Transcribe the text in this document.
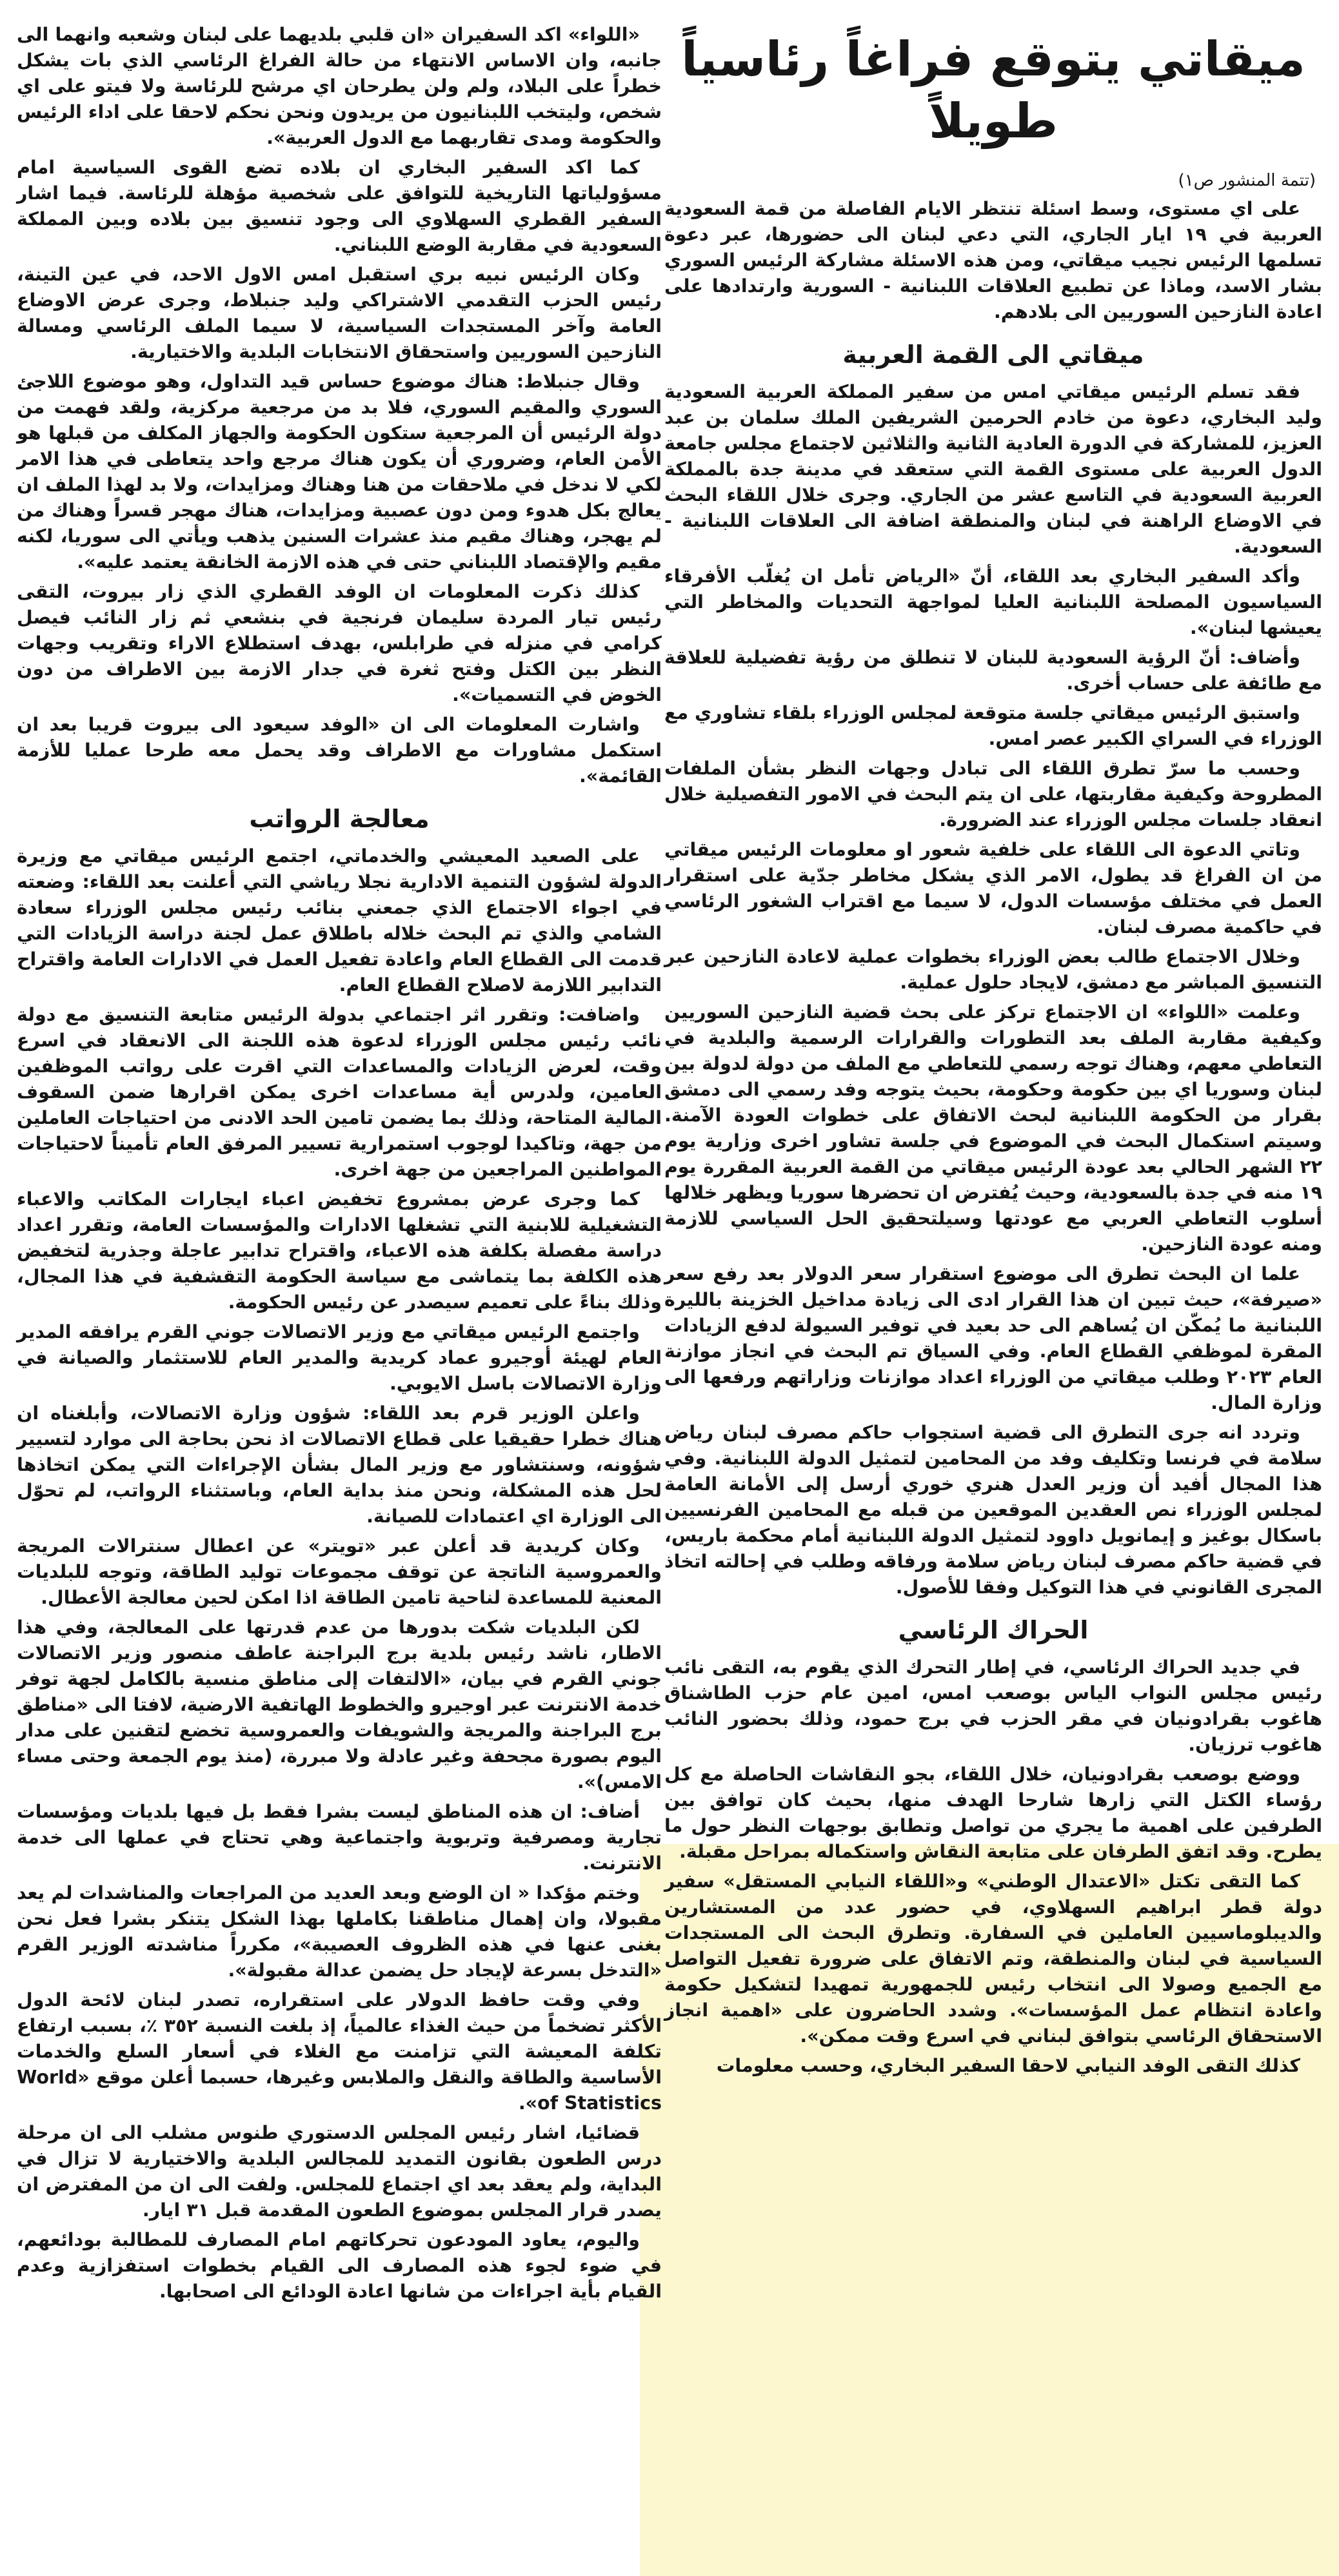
ميقاتي يتوقع فراغاً رئاسياً طويلاً
(تتمة المنشور ص١)

على اي مستوى، وسط اسئلة تنتظر الايام الفاصلة من قمة السعودية العربية في ١٩ ايار الجاري، التي دعي لبنان الى حضورها، عبر دعوة تسلمها الرئيس نجيب ميقاتي، ومن هذه الاسئلة مشاركة الرئيس السوري بشار الاسد، وماذا عن تطبيع العلاقات اللبنانية - السورية وارتدادها على اعادة النازحين السوريين الى بلادهم.

ميقاتي الى القمة العربية

فقد تسلم الرئيس ميقاتي امس من سفير المملكة العربية السعودية وليد البخاري، دعوة من خادم الحرمين الشريفين الملك سلمان بن عبد العزيز، للمشاركة في الدورة العادية الثانية والثلاثين لاجتماع مجلس جامعة الدول العربية على مستوى القمة التي ستعقد في مدينة جدة بالمملكة العربية السعودية في التاسع عشر من الجاري. وجرى خلال اللقاء البحث في الاوضاع الراهنة في لبنان والمنطقة اضافة الى العلاقات اللبنانية - السعودية.

وأكد السفير البخاري بعد اللقاء، أنّ «الرياض تأمل ان يُغلّب الأفرقاء السياسيون المصلحة اللبنانية العليا لمواجهة التحديات والمخاطر التي يعيشها لبنان».

وأضاف: أنّ الرؤية السعودية للبنان لا تنطلق من رؤية تفضيلية للعلاقة مع طائفة على حساب أخرى.

واستبق الرئيس ميقاتي جلسة متوقعة لمجلس الوزراء بلقاء تشاوري مع الوزراء في السراي الكبير عصر امس.

وحسب ما سرّ تطرق اللقاء الى تبادل وجهات النظر بشأن الملفات المطروحة وكيفية مقاربتها، على ان يتم البحث في الامور التفصيلية خلال انعقاد جلسات مجلس الوزراء عند الضرورة.

وتاتي الدعوة الى اللقاء على خلفية شعور او معلومات الرئيس ميقاتي من ان الفراغ قد يطول، الامر الذي يشكل مخاطر جدّية على استقرار العمل في مختلف مؤسسات الدول، لا سيما مع اقتراب الشغور الرئاسي في حاكمية مصرف لبنان.

وخلال الاجتماع طالب بعض الوزراء بخطوات عملية لاعادة النازحين عبر التنسيق المباشر مع دمشق، لايجاد حلول عملية.

وعلمت «اللواء» ان الاجتماع تركز على بحث قضية النازحين السوريين وكيفية مقاربة الملف بعد التطورات والقرارات الرسمية والبلدية في التعاطي معهم، وهناك توجه رسمي للتعاطي مع الملف من دولة لدولة بين لبنان وسوريا اي بين حكومة وحكومة، بحيث يتوجه وفد رسمي الى دمشق بقرار من الحكومة اللبنانية لبحث الاتفاق على خطوات العودة الآمنة. وسيتم استكمال البحث في الموضوع في جلسة تشاور اخرى وزارية يوم ٢٢ الشهر الحالي بعد عودة الرئيس ميقاتي من القمة العربية المقررة يوم ١٩ منه في جدة بالسعودية، وحيث يُفترض ان تحضرها سوريا ويظهر خلالها أسلوب التعاطي العربي مع عودتها وسيلتحقيق الحل السياسي للازمة ومنه عودة النازحين.

علما ان البحث تطرق الى موضوع استقرار سعر الدولار بعد رفع سعر «صيرفة»، حيث تبين ان هذا القرار ادى الى زيادة مداخيل الخزينة بالليرة اللبنانية ما يُمكّن ان يُساهم الى حد بعيد في توفير السيولة لدفع الزيادات المقرة لموظفي القطاع العام. وفي السياق تم البحث في انجاز موازنة العام ٢٠٢٣ وطلب ميقاتي من الوزراء اعداد موازنات وزاراتهم ورفعها الى وزارة المال.

وتردد انه جرى التطرق الى قضية استجواب حاكم مصرف لبنان رياض سلامة في فرنسا وتكليف وفد من المحامين لتمثيل الدولة اللبنانية. وفي هذا المجال أفيد أن وزير العدل هنري خوري أرسل إلى الأمانة العامة لمجلس الوزراء نص العقدين الموقعين من قبله مع المحامين الفرنسيين باسكال بوغيز و إيمانويل داوود لتمثيل الدولة اللبنانية أمام محكمة باريس، في قضية حاكم مصرف لبنان رياض سلامة ورفاقه وطلب في إحالته اتخاذ المجرى القانوني في هذا التوكيل وفقا للأصول.

الحراك الرئاسي

في جديد الحراك الرئاسي، في إطار التحرك الذي يقوم به، التقى نائب رئيس مجلس النواب الياس بوصعب امس، امين عام حزب الطاشناق هاغوب بقرادونيان في مقر الحزب في برج حمود، وذلك بحضور النائب هاغوب ترزيان.

ووضع بوصعب بقرادونيان، خلال اللقاء، بجو النقاشات الحاصلة مع كل رؤساء الكتل التي زارها شارحا الهدف منها، بحيث كان توافق بين الطرفين على اهمية ما يجري من تواصل وتطابق بوجهات النظر حول ما يطرح. وقد اتفق الطرفان على متابعة النقاش واستكماله بمراحل مقبلة.

كما التقى تكتل «الاعتدال الوطني» و«اللقاء النيابي المستقل» سفير دولة قطر ابراهيم السهلاوي، في حضور عدد من المستشارين والديبلوماسيين العاملين في السفارة. وتطرق البحث الى المستجدات السياسية في لبنان والمنطقة، وتم الاتفاق على ضرورة تفعيل التواصل مع الجميع وصولا الى انتخاب رئيس للجمهورية تمهيدا لتشكيل حكومة واعادة انتظام عمل المؤسسات». وشدد الحاضرون على «اهمية انجاز الاستحقاق الرئاسي بتوافق لبناني في اسرع وقت ممكن».

كذلك التقى الوفد النيابي لاحقا السفير البخاري، وحسب معلومات

«اللواء» اكد السفيران «ان قلبي بلديهما على لبنان وشعبه وانهما الى جانبه، وان الاساس الانتهاء من حالة الفراغ الرئاسي الذي بات يشكل خطراً على البلاد، ولم ولن يطرحان اي مرشح للرئاسة ولا فيتو على اي شخص، وليتخب اللبنانيون من يريدون ونحن نحكم لاحقا على اداء الرئيس والحكومة ومدى تقاربهما مع الدول العربية».

كما اكد السفير البخاري ان بلاده تضع القوى السياسية امام مسؤولياتها التاريخية للتوافق على شخصية مؤهلة للرئاسة. فيما اشار السفير القطري السهلاوي الى وجود تنسيق بين بلاده وبين المملكة السعودية في مقاربة الوضع اللبناني.

وكان الرئيس نبيه بري استقبل امس الاول الاحد، في عين التينة، رئيس الحزب التقدمي الاشتراكي وليد جنبلاط، وجرى عرض الاوضاع العامة وآخر المستجدات السياسية، لا سيما الملف الرئاسي ومسالة النازحين السوريين واستحقاق الانتخابات البلدية والاختيارية.

وقال جنبلاط: هناك موضوع حساس قيد التداول، وهو موضوع اللاجئ السوري والمقيم السوري، فلا بد من مرجعية مركزية، ولقد فهمت من دولة الرئيس أن المرجعية ستكون الحكومة والجهاز المكلف من قبلها هو الأمن العام، وضروري أن يكون هناك مرجع واحد يتعاطى في هذا الامر لكي لا ندخل في ملاحقات من هنا وهناك ومزايدات، ولا بد لهذا الملف ان يعالج بكل هدوء ومن دون عصبية ومزايدات، هناك مهجر قسراً وهناك من لم يهجر، وهناك مقيم منذ عشرات السنين يذهب ويأتي الى سوريا، لكنه مقيم والإقتصاد اللبناني حتى في هذه الازمة الخانقة يعتمد عليه».

كذلك ذكرت المعلومات ان الوفد القطري الذي زار بيروت، التقى رئيس تيار المردة سليمان فرنجية في بنشعي ثم زار النائب فيصل كرامي في منزله في طرابلس، بهدف استطلاع الاراء وتقريب وجهات النظر بين الكتل وفتح ثغرة في جدار الازمة بين الاطراف من دون الخوض في التسميات».

واشارت المعلومات الى ان «الوفد سيعود الى بيروت قريبا بعد ان استكمل مشاورات مع الاطراف وقد يحمل معه طرحا عمليا للأزمة القائمة».

معالجة الرواتب

على الصعيد المعيشي والخدماتي، اجتمع الرئيس ميقاتي مع وزيرة الدولة لشؤون التنمية الادارية نجلا رياشي التي أعلنت بعد اللقاء: وضعته في اجواء الاجتماع الذي جمعني بنائب رئيس مجلس الوزراء سعادة الشامي والذي تم البحث خلاله باطلاق عمل لجنة دراسة الزيادات التي قدمت الى القطاع العام واعادة تفعيل العمل في الادارات العامة واقتراح التدابير اللازمة لاصلاح القطاع العام.

واضافت: وتقرر اثر اجتماعي بدولة الرئيس متابعة التنسيق مع دولة نائب رئيس مجلس الوزراء لدعوة هذه اللجنة الى الانعقاد في اسرع وقت، لعرض الزيادات والمساعدات التي اقرت على رواتب الموظفين العامين، ولدرس أية مساعدات اخرى يمكن اقرارها ضمن السقوف المالية المتاحة، وذلك بما يضمن تامين الحد الادنى من احتياجات العاملين من جهة، وتاكيدا لوجوب استمرارية تسيير المرفق العام تأميناً لاحتياجات المواطنين المراجعين من جهة اخرى.

كما وجرى عرض بمشروع تخفيض اعباء ايجارات المكاتب والاعباء التشغيلية للابنية التي تشغلها الادارات والمؤسسات العامة، وتقرر اعداد دراسة مفصلة بكلفة هذه الاعباء، واقتراح تدابير عاجلة وجذرية لتخفيض هذه الكلفة بما يتماشى مع سياسة الحكومة التقشفية في هذا المجال، وذلك بناءً على تعميم سيصدر عن رئيس الحكومة.

واجتمع الرئيس ميقاتي مع وزير الاتصالات جوني القرم يرافقه المدير العام لهيئة أوجيرو عماد كريدية والمدير العام للاستثمار والصيانة في وزارة الاتصالات باسل الايوبي.

واعلن الوزير قرم بعد اللقاء: شؤون وزارة الاتصالات، وأبلغناه ان هناك خطرا حقيقيا على قطاع الاتصالات اذ نحن بحاجة الى موارد لتسيير شؤونه، وسنتشاور مع وزير المال بشأن الإجراءات التي يمكن اتخاذها لحل هذه المشكلة، ونحن منذ بداية العام، وباستثناء الرواتب، لم تحوّل الى الوزارة اي اعتمادات للصيانة.

وكان كريدية قد أعلن عبر «تويتر» عن اعطال سنترالات المريجة والعمروسية الناتجة عن توقف مجموعات توليد الطاقة، وتوجه للبلديات المعنية للمساعدة لناحية تامين الطاقة اذا امكن لحين معالجة الأعطال.

لكن البلديات شكت بدورها من عدم قدرتها على المعالجة، وفي هذا الاطار، ناشد رئيس بلدية برج البراجنة عاطف منصور وزير الاتصالات جوني القرم في بيان، «الالتفات إلى مناطق منسية بالكامل لجهة توفر خدمة الانترنت عبر اوجيرو والخطوط الهاتفية الارضية، لافتا الى «مناطق برج البراجنة والمريجة والشويفات والعمروسية تخضع لتقنين على مدار اليوم بصورة مجحفة وغير عادلة ولا مبررة، (منذ يوم الجمعة وحتى مساء الامس)».

أضاف: ان هذه المناطق ليست بشرا فقط بل فيها بلديات ومؤسسات تجارية ومصرفية وتربوية واجتماعية وهي تحتاج في عملها الى خدمة الانترنت.

وختم مؤكدا « ان الوضع وبعد العديد من المراجعات والمناشدات لم يعد مقبولا، وان إهمال مناطقنا بكاملها بهذا الشكل يتنكر بشرا فعل نحن بغنى عنها في هذه الظروف العصيبة»، مكرراً مناشدته الوزير القرم «التدخل بسرعة لإيجاد حل يضمن عدالة مقبولة».

وفي وقت حافظ الدولار على استقراره، تصدر لبنان لائحة الدول الأكثر تضخماً من حيث الغذاء عالمياً، إذ بلغت النسبة ٣٥٢ ٪، بسبب ارتفاع تكلفة المعيشة التي تزامنت مع الغلاء في أسعار السلع والخدمات الأساسية والطاقة والنقل والملابس وغيرها، حسبما أعلن موقع «World of Statistics».

قضائيا، اشار رئيس المجلس الدستوري طنوس مشلب الى ان مرحلة درس الطعون بقانون التمديد للمجالس البلدية والاختيارية لا تزال في البداية، ولم يعقد بعد اي اجتماع للمجلس. ولفت الى ان من المفترض ان يصدر قرار المجلس بموضوع الطعون المقدمة قبل ٣١ ايار.

واليوم، يعاود المودعون تحركاتهم امام المصارف للمطالبة بودائعهم، في ضوء لجوء هذه المصارف الى القيام بخطوات استفزازية وعدم القيام بأية اجراءات من شانها اعادة الودائع الى اصحابها.
